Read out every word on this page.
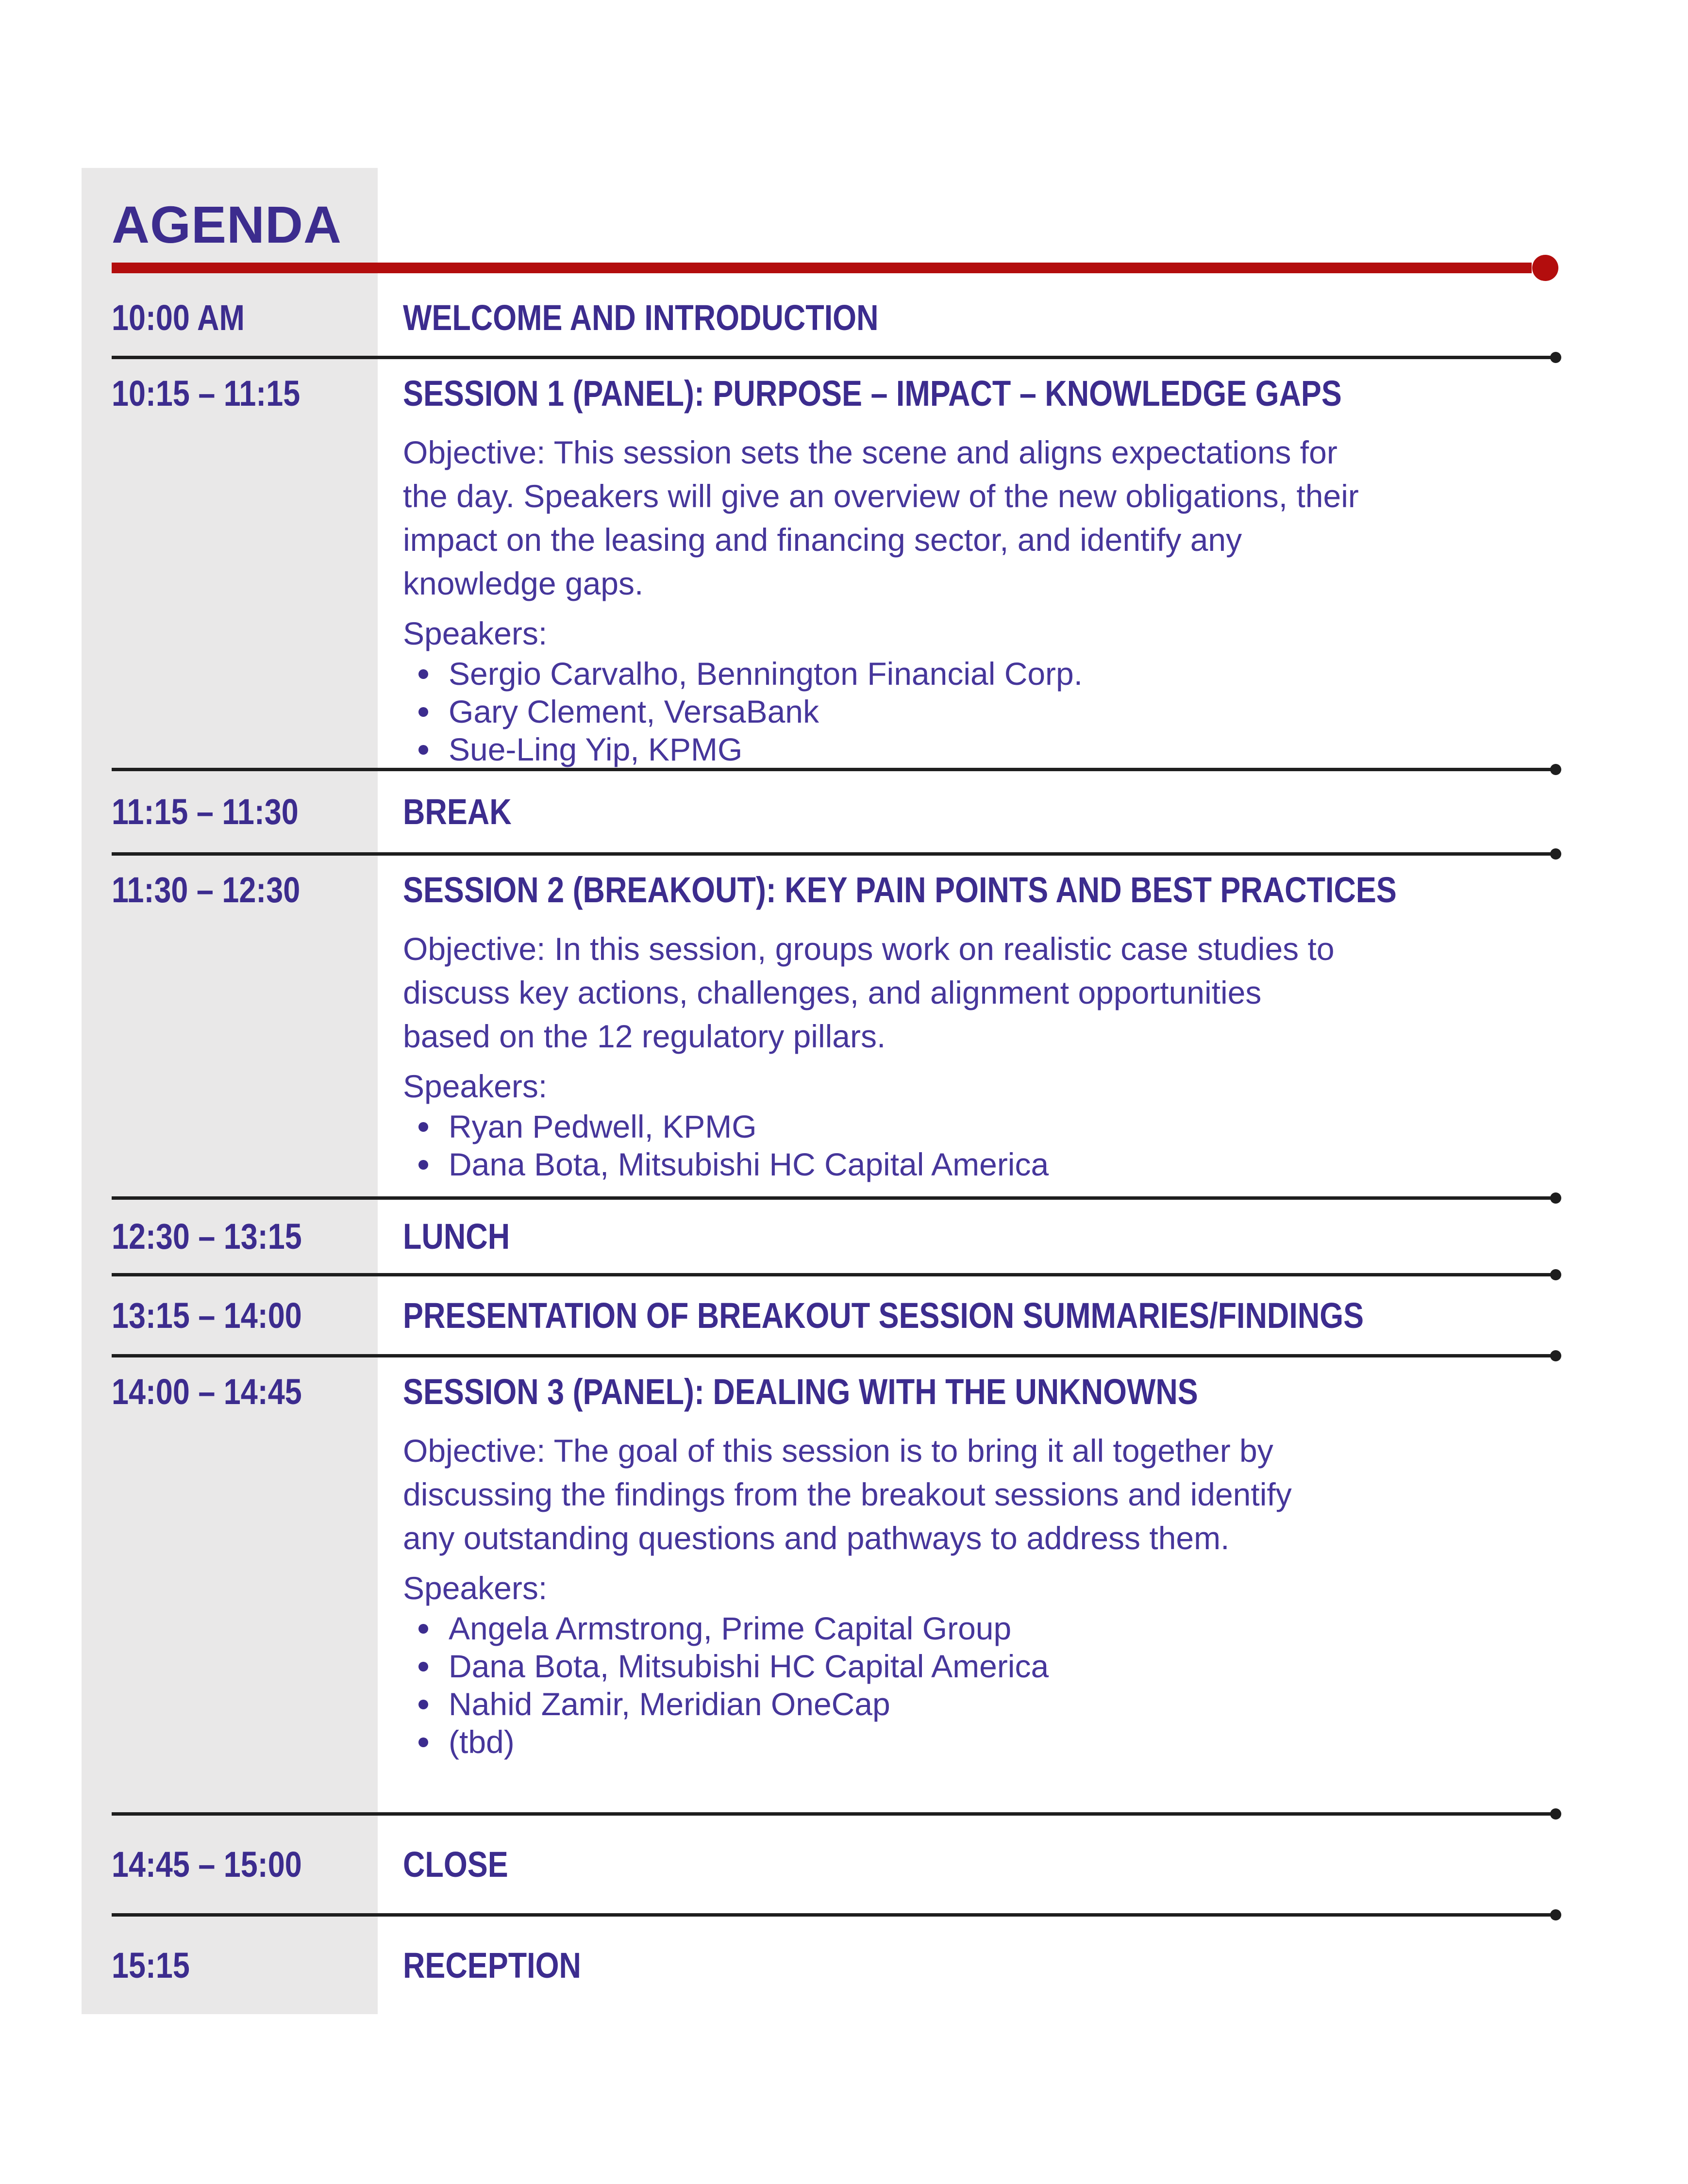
AGENDA
10:00 AM	WELCOME AND INTRODUCTION
10:15 – 11:15	SESSION 1 (PANEL): PURPOSE – IMPACT – KNOWLEDGE GAPS
Objective: This session sets the scene and aligns expectations for
the day. Speakers will give an overview of the new obligations, their
impact on the leasing and financing sector, and identify any
knowledge gaps.
Speakers:
Sergio Carvalho, Bennington Financial Corp.
Gary Clement, VersaBank
Sue-Ling Yip, KPMG
11:15 – 11:30	BREAK
11:30 – 12:30	SESSION 2 (BREAKOUT): KEY PAIN POINTS AND BEST PRACTICES
Objective: In this session, groups work on realistic case studies to
discuss key actions, challenges, and alignment opportunities
based on the 12 regulatory pillars.
Speakers:
Ryan Pedwell, KPMG
Dana Bota, Mitsubishi HC Capital America
12:30 – 13:15	LUNCH
13:15 – 14:00	PRESENTATION OF BREAKOUT SESSION SUMMARIES/FINDINGS
14:00 – 14:45	SESSION 3 (PANEL): DEALING WITH THE UNKNOWNS
Objective: The goal of this session is to bring it all together by
discussing the findings from the breakout sessions and identify
any outstanding questions and pathways to address them.
Speakers:
Angela Armstrong, Prime Capital Group
Dana Bota, Mitsubishi HC Capital America
Nahid Zamir, Meridian OneCap
(tbd)
14:45 – 15:00	CLOSE
15:15	RECEPTION
